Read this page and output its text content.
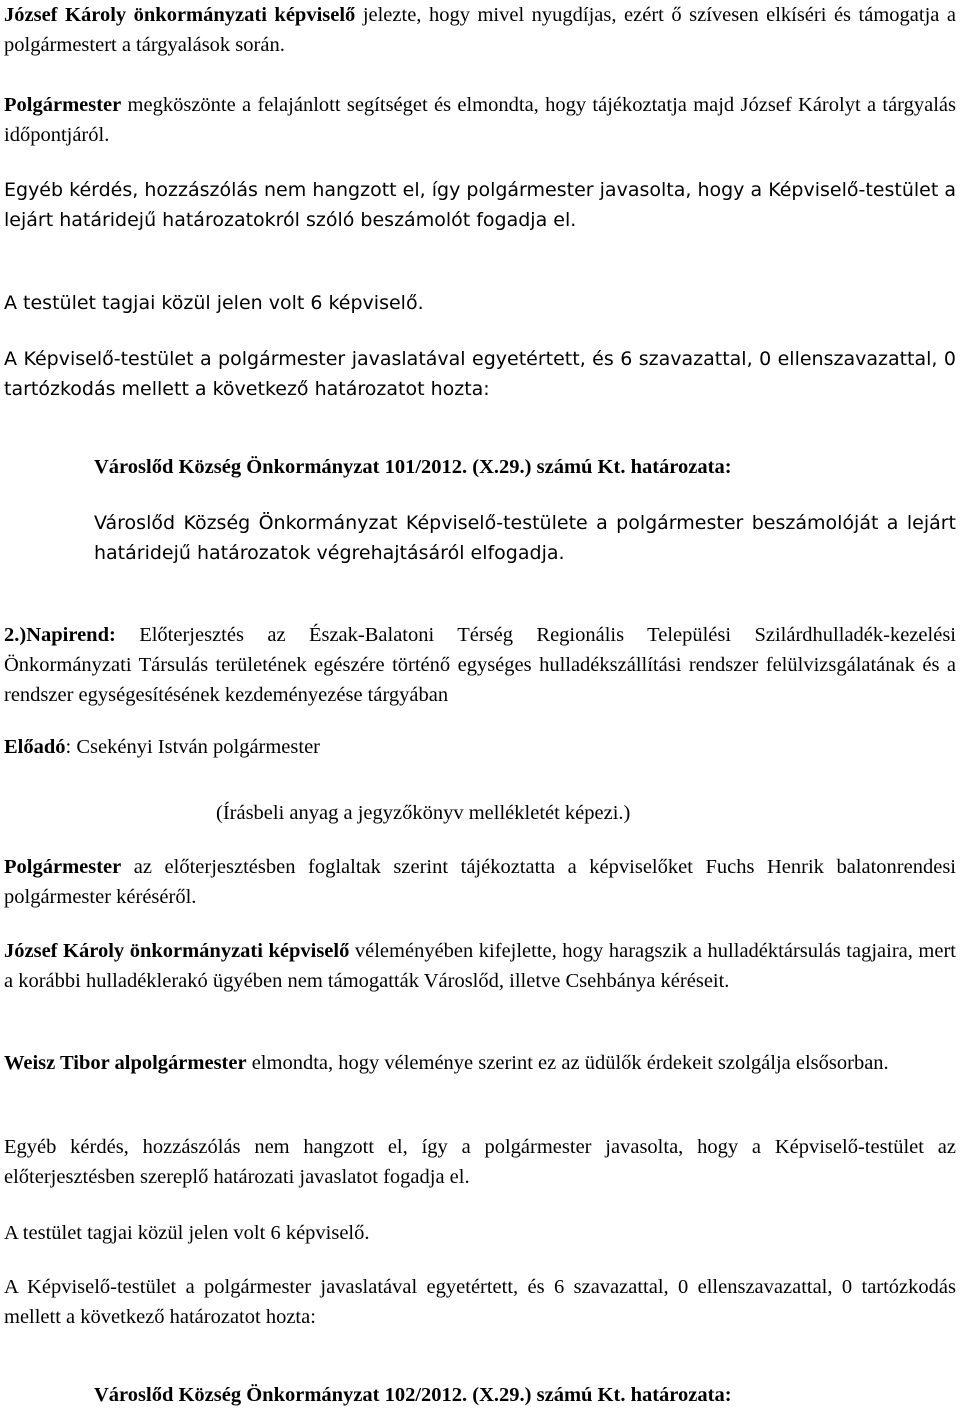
József Károly önkormányzati képviselő jelezte, hogy mivel nyugdíjas, ezért ő szívesen elkíséri és támogatja a polgármestert a tárgyalások során.

Polgármester megköszönte a felajánlott segítséget és elmondta, hogy tájékoztatja majd József Károlyt a tárgyalás időpontjáról.

Egyéb kérdés, hozzászólás nem hangzott el, így polgármester javasolta, hogy a Képviselő-testület a lejárt határidejű határozatokról szóló beszámolót fogadja el.

A testület tagjai közül jelen volt 6 képviselő.

A Képviselő-testület a polgármester javaslatával egyetértett, és 6 szavazattal, 0 ellenszavazattal, 0 tartózkodás mellett a következő határozatot hozta:

Városlőd Község Önkormányzat 101/2012. (X.29.) számú Kt. határozata:

Városlőd Község Önkormányzat Képviselő-testülete a polgármester beszámolóját a lejárt határidejű határozatok végrehajtásáról elfogadja.

2.)Napirend: Előterjesztés az Észak-Balatoni Térség Regionális Települési Szilárdhulladék-kezelési Önkormányzati Társulás területének egészére történő egységes hulladékszállítási rendszer felülvizsgálatának és a rendszer egységesítésének kezdeményezése tárgyában

Előadó: Csekényi István polgármester

(Írásbeli anyag a jegyzőkönyv mellékletét képezi.)

Polgármester az előterjesztésben foglaltak szerint tájékoztatta a képviselőket Fuchs Henrik balatonrendesi polgármester kéréséről.

József Károly önkormányzati képviselő véleményében kifejlette, hogy haragszik a hulladéktársulás tagjaira, mert a korábbi hulladéklerakó ügyében nem támogatták Városlőd, illetve Csehbánya kéréseit.

Weisz Tibor alpolgármester elmondta, hogy véleménye szerint ez az üdülők érdekeit szolgálja elsősorban.

Egyéb kérdés, hozzászólás nem hangzott el, így a polgármester javasolta, hogy a Képviselő-testület az előterjesztésben szereplő határozati javaslatot fogadja el.

A testület tagjai közül jelen volt 6 képviselő.

A Képviselő-testület a polgármester javaslatával egyetértett, és 6 szavazattal, 0 ellenszavazattal, 0 tartózkodás mellett a következő határozatot hozta:

Városlőd Község Önkormányzat 102/2012. (X.29.) számú Kt. határozata:
